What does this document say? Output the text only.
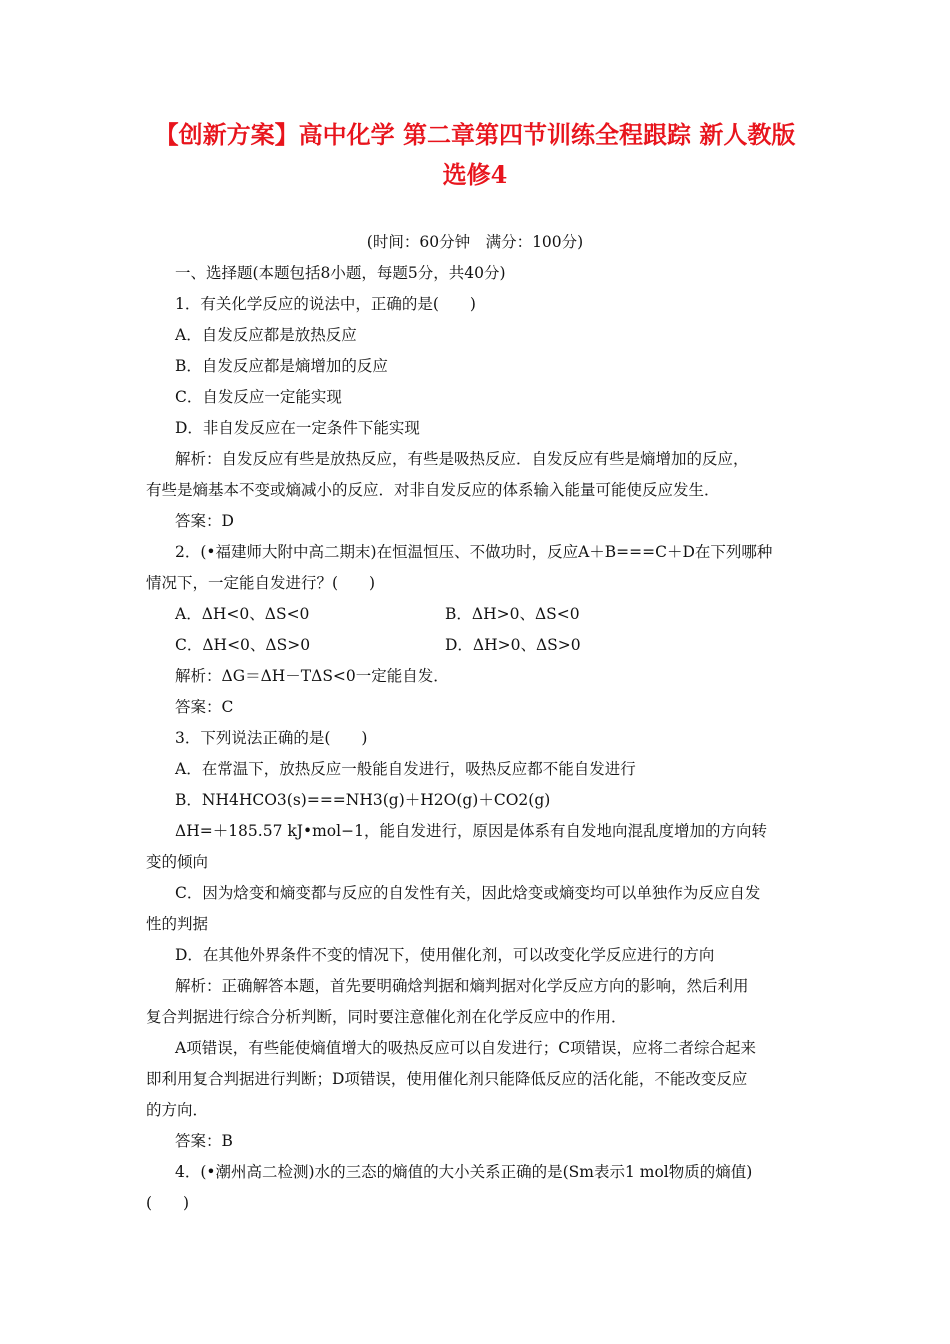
【创新方案】高中化学 第二章第四节训练全程跟踪 新人教版
选修4
(时间：60分钟　满分：100分)
一、选择题(本题包括8小题，每题5分，共40分)
1．有关化学反应的说法中，正确的是(　　)
A．自发反应都是放热反应
B．自发反应都是熵增加的反应
C．自发反应一定能实现
D．非自发反应在一定条件下能实现
解析：自发反应有些是放热反应，有些是吸热反应．自发反应有些是熵增加的反应，
有些是熵基本不变或熵减小的反应．对非自发反应的体系输入能量可能使反应发生．
答案：D
2．(•福建师大附中高二期末)在恒温恒压、不做功时，反应A＋B===C＋D在下列哪种
情况下，一定能自发进行？(　　)
A．ΔH<0、ΔS<0	B．ΔH>0、ΔS<0
C．ΔH<0、ΔS>0	D．ΔH>0、ΔS>0
解析：ΔG＝ΔH－TΔS<0一定能自发．
答案：C
3．下列说法正确的是(　　)
A．在常温下，放热反应一般能自发进行，吸热反应都不能自发进行
B．NH4HCO3(s)===NH3(g)＋H2O(g)＋CO2(g)
ΔH=＋185.57 kJ•mol−1，能自发进行，原因是体系有自发地向混乱度增加的方向转
变的倾向
C．因为焓变和熵变都与反应的自发性有关，因此焓变或熵变均可以单独作为反应自发
性的判据
D．在其他外界条件不变的情况下，使用催化剂，可以改变化学反应进行的方向
解析：正确解答本题，首先要明确焓判据和熵判据对化学反应方向的影响，然后利用
复合判据进行综合分析判断，同时要注意催化剂在化学反应中的作用．
A项错误，有些能使熵值增大的吸热反应可以自发进行；C项错误，应将二者综合起来
即利用复合判据进行判断；D项错误，使用催化剂只能降低反应的活化能，不能改变反应
的方向．
答案：B
4．(•潮州高二检测)水的三态的熵值的大小关系正确的是(Sm表示1 mol物质的熵值)
(　　)
